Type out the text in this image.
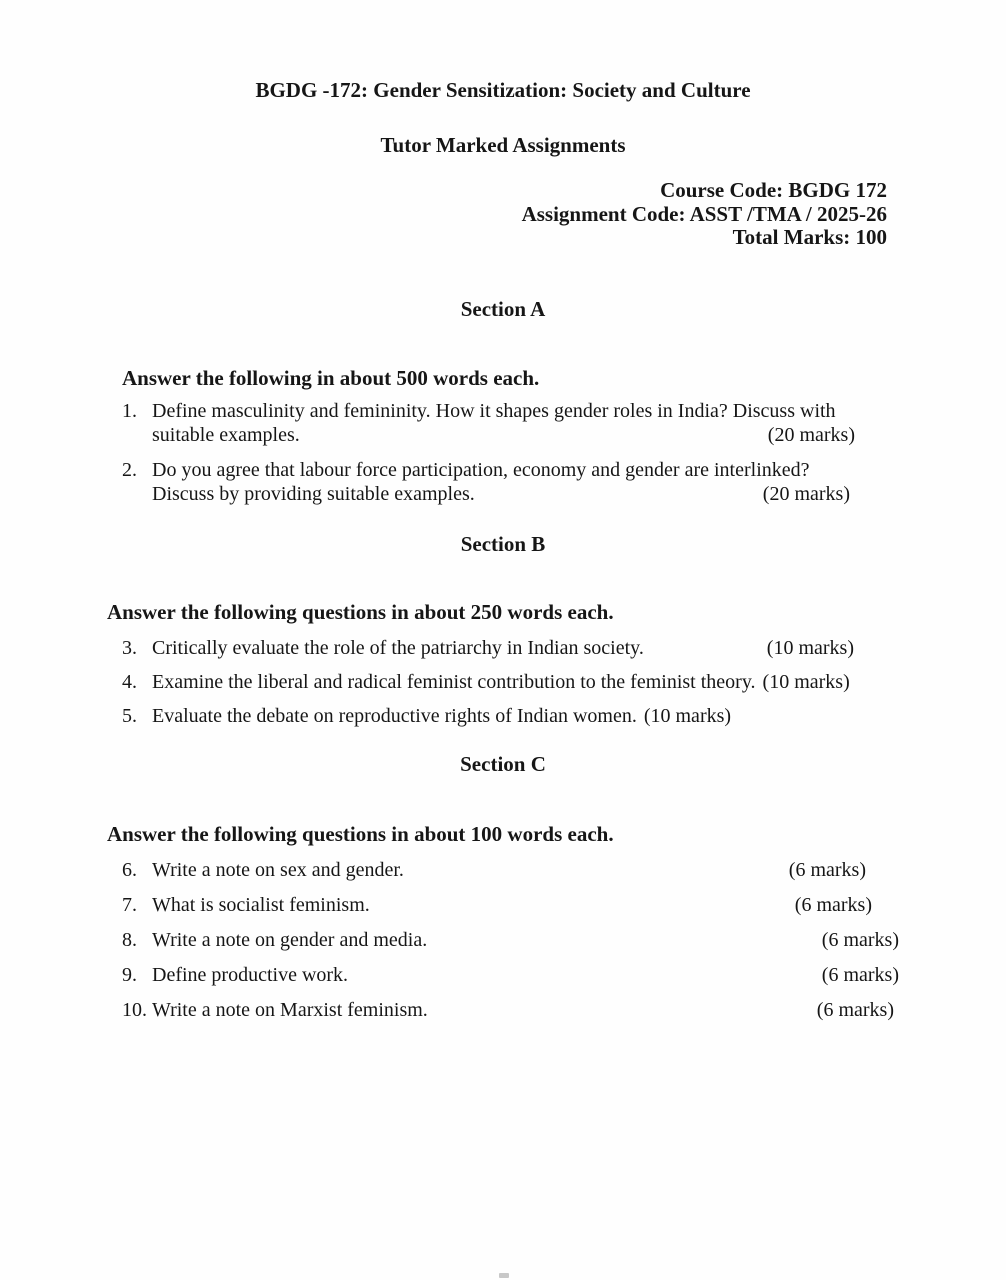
BGDG -172: Gender Sensitization: Society and Culture
Tutor Marked Assignments
Course Code: BGDG 172
Assignment Code: ASST /TMA / 2025-26
Total Marks: 100
Section A
Answer the following in about 500 words each.
1. Define masculinity and femininity. How it shapes gender roles in India? Discuss with suitable examples.	(20 marks)
2. Do you agree that labour force participation, economy and gender are interlinked? Discuss by providing suitable examples.	(20 marks)
Section B
Answer the following questions in about 250 words each.
3. Critically evaluate the role of the patriarchy in Indian society.	(10 marks)
4. Examine the liberal and radical feminist contribution to the feminist theory. (10 marks)
5. Evaluate the debate on reproductive rights of Indian women. (10 marks)
Section C
Answer the following questions in about 100 words each.
6. Write a note on sex and gender.	(6 marks)
7. What is socialist feminism.	(6 marks)
8. Write a note on gender and media.	(6 marks)
9. Define productive work.	(6 marks)
10. Write a note on Marxist feminism.	(6 marks)
